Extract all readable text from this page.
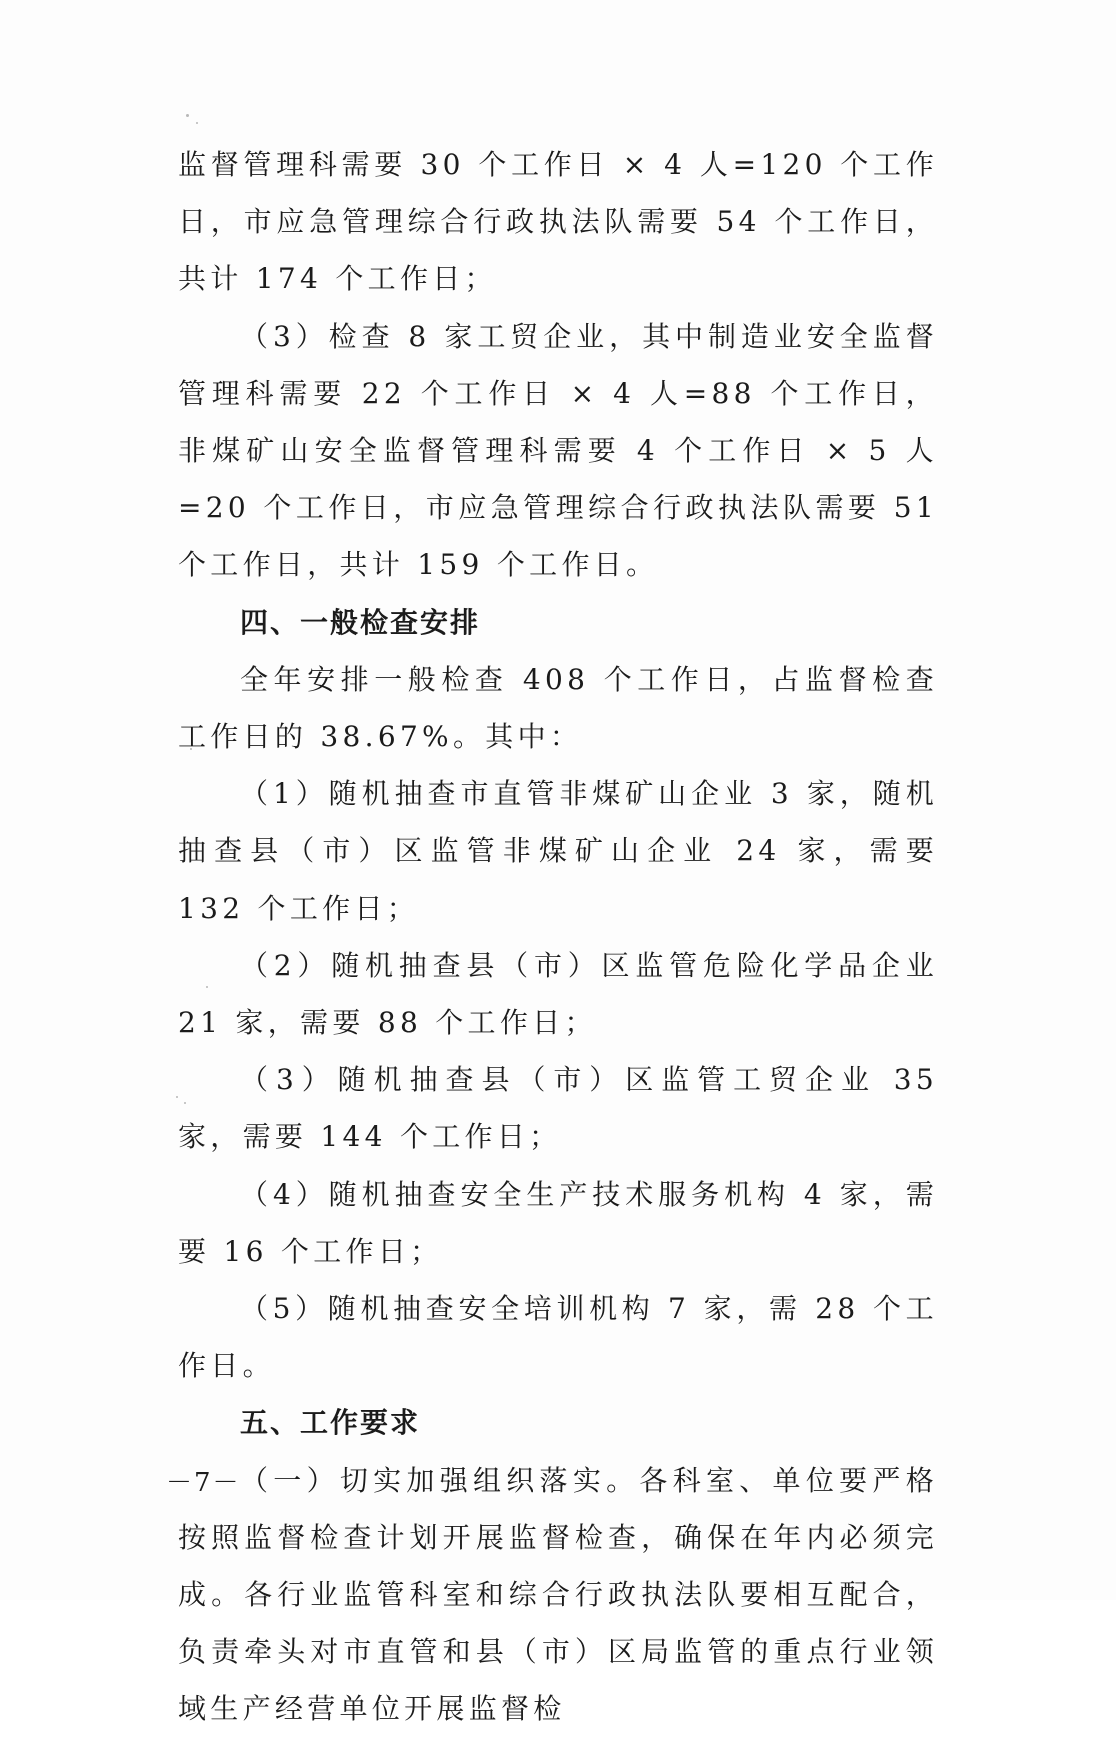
监督管理科需要 30 个工作日 × 4 人=120 个工作日，市应急管理综合行政执法队需要 54 个工作日，共计 174 个工作日；

（3）检查 8 家工贸企业，其中制造业安全监督管理科需要 22 个工作日 × 4 人=88 个工作日，非煤矿山安全监督管理科需要 4 个工作日 × 5 人=20 个工作日，市应急管理综合行政执法队需要 51 个工作日，共计 159 个工作日。

四、一般检查安排

全年安排一般检查 408 个工作日，占监督检查工作日的 38.67%。其中：

（1）随机抽查市直管非煤矿山企业 3 家，随机抽查县（市）区监管非煤矿山企业 24 家，需要 132 个工作日；

（2）随机抽查县（市）区监管危险化学品企业 21 家，需要 88 个工作日；

（3）随机抽查县（市）区监管工贸企业 35 家，需要 144 个工作日；

（4）随机抽查安全生产技术服务机构 4 家，需要 16 个工作日；

（5）随机抽查安全培训机构 7 家，需 28 个工作日。

五、工作要求

（一）切实加强组织落实。各科室、单位要严格按照监督检查计划开展监督检查，确保在年内必须完成。各行业监管科室和综合行政执法队要相互配合，负责牵头对市直管和县（市）区局监管的重点行业领域生产经营单位开展监督检

－7－
